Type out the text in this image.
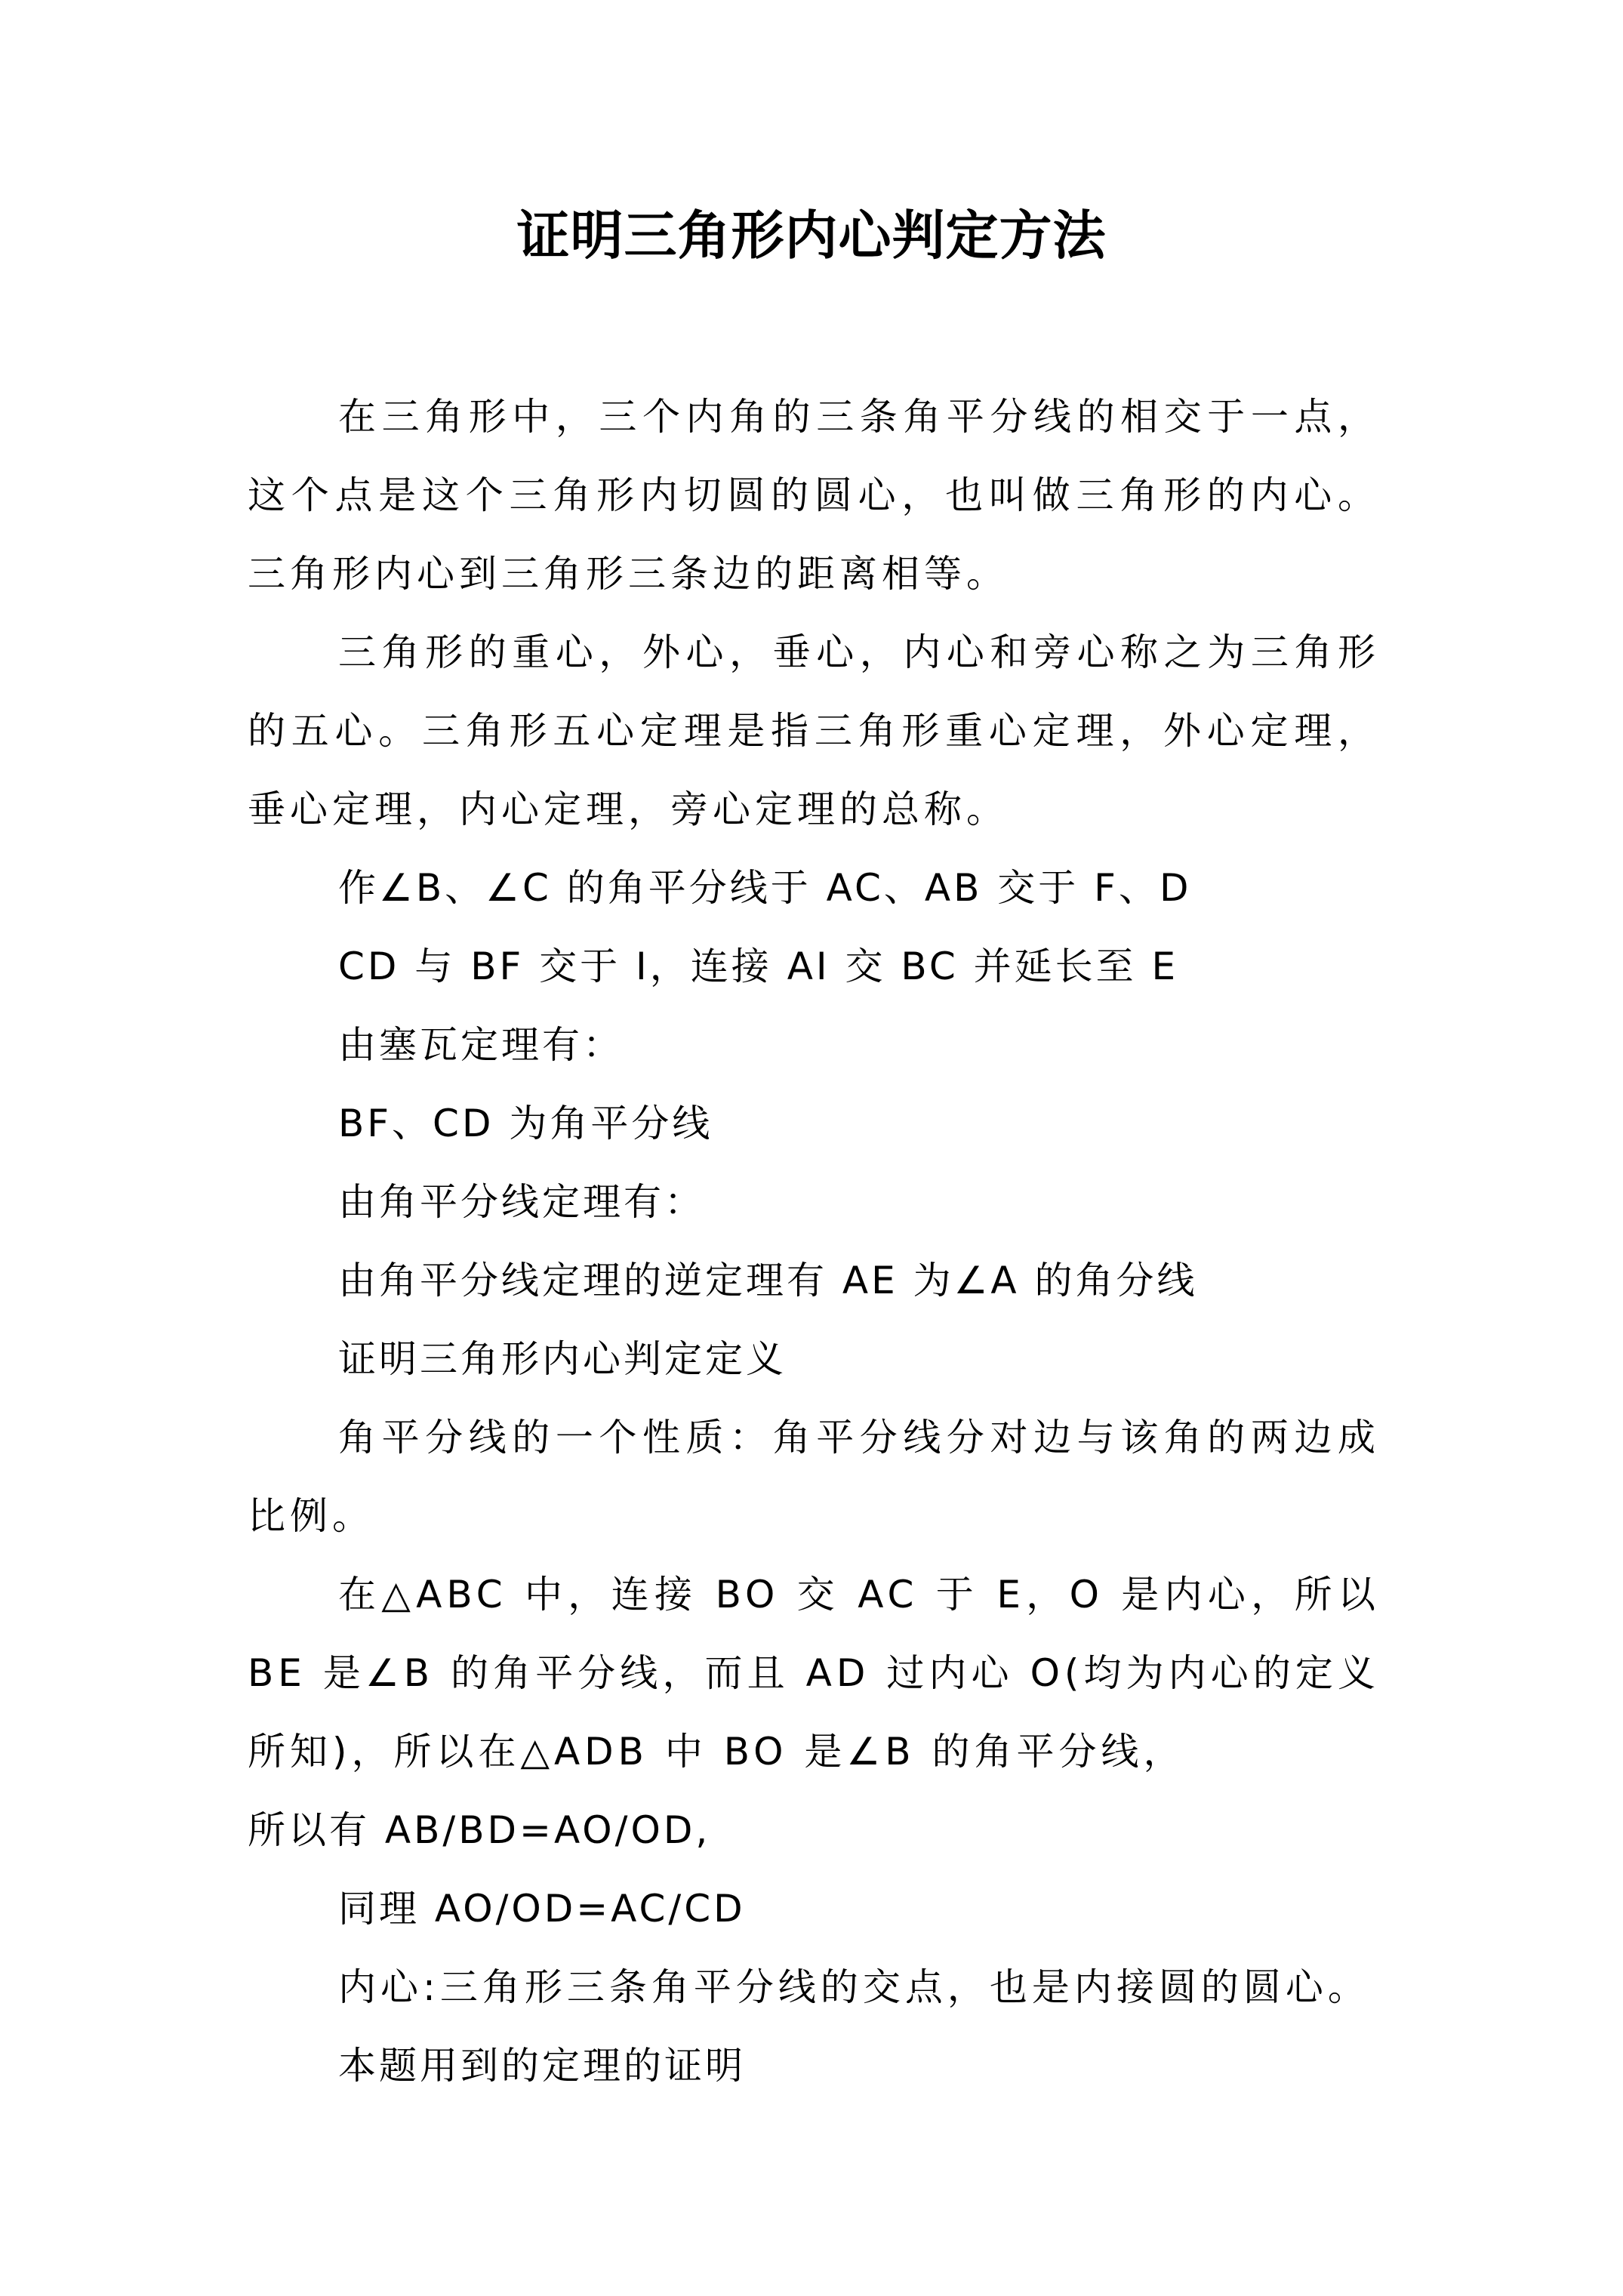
证明三角形内心判定方法

在三角形中，三个内角的三条角平分线的相交于一点，这个点是这个三角形内切圆的圆心，也叫做三角形的内心。三角形内心到三角形三条边的距离相等。

三角形的重心，外心，垂心，内心和旁心称之为三角形的五心。三角形五心定理是指三角形重心定理，外心定理，垂心定理，内心定理，旁心定理的总称。

作∠B、∠C 的角平分线于 AC、AB 交于 F、D

CD 与 BF 交于 I，连接 AI 交 BC 并延长至 E

由塞瓦定理有：

BF、CD 为角平分线

由角平分线定理有：

由角平分线定理的逆定理有 AE 为∠A 的角分线

证明三角形内心判定定义

角平分线的一个性质：角平分线分对边与该角的两边成比例。

在△ABC 中，连接 BO 交 AC 于 E，O 是内心，所以 BE 是∠B 的角平分线，而且 AD 过内心 O(均为内心的定义所知)，所以在△ADB 中 BO 是∠B 的角平分线，

所以有 AB/BD=AO/OD,

同理 AO/OD=AC/CD

内心:三角形三条角平分线的交点，也是内接圆的圆心。

本题用到的定理的证明
